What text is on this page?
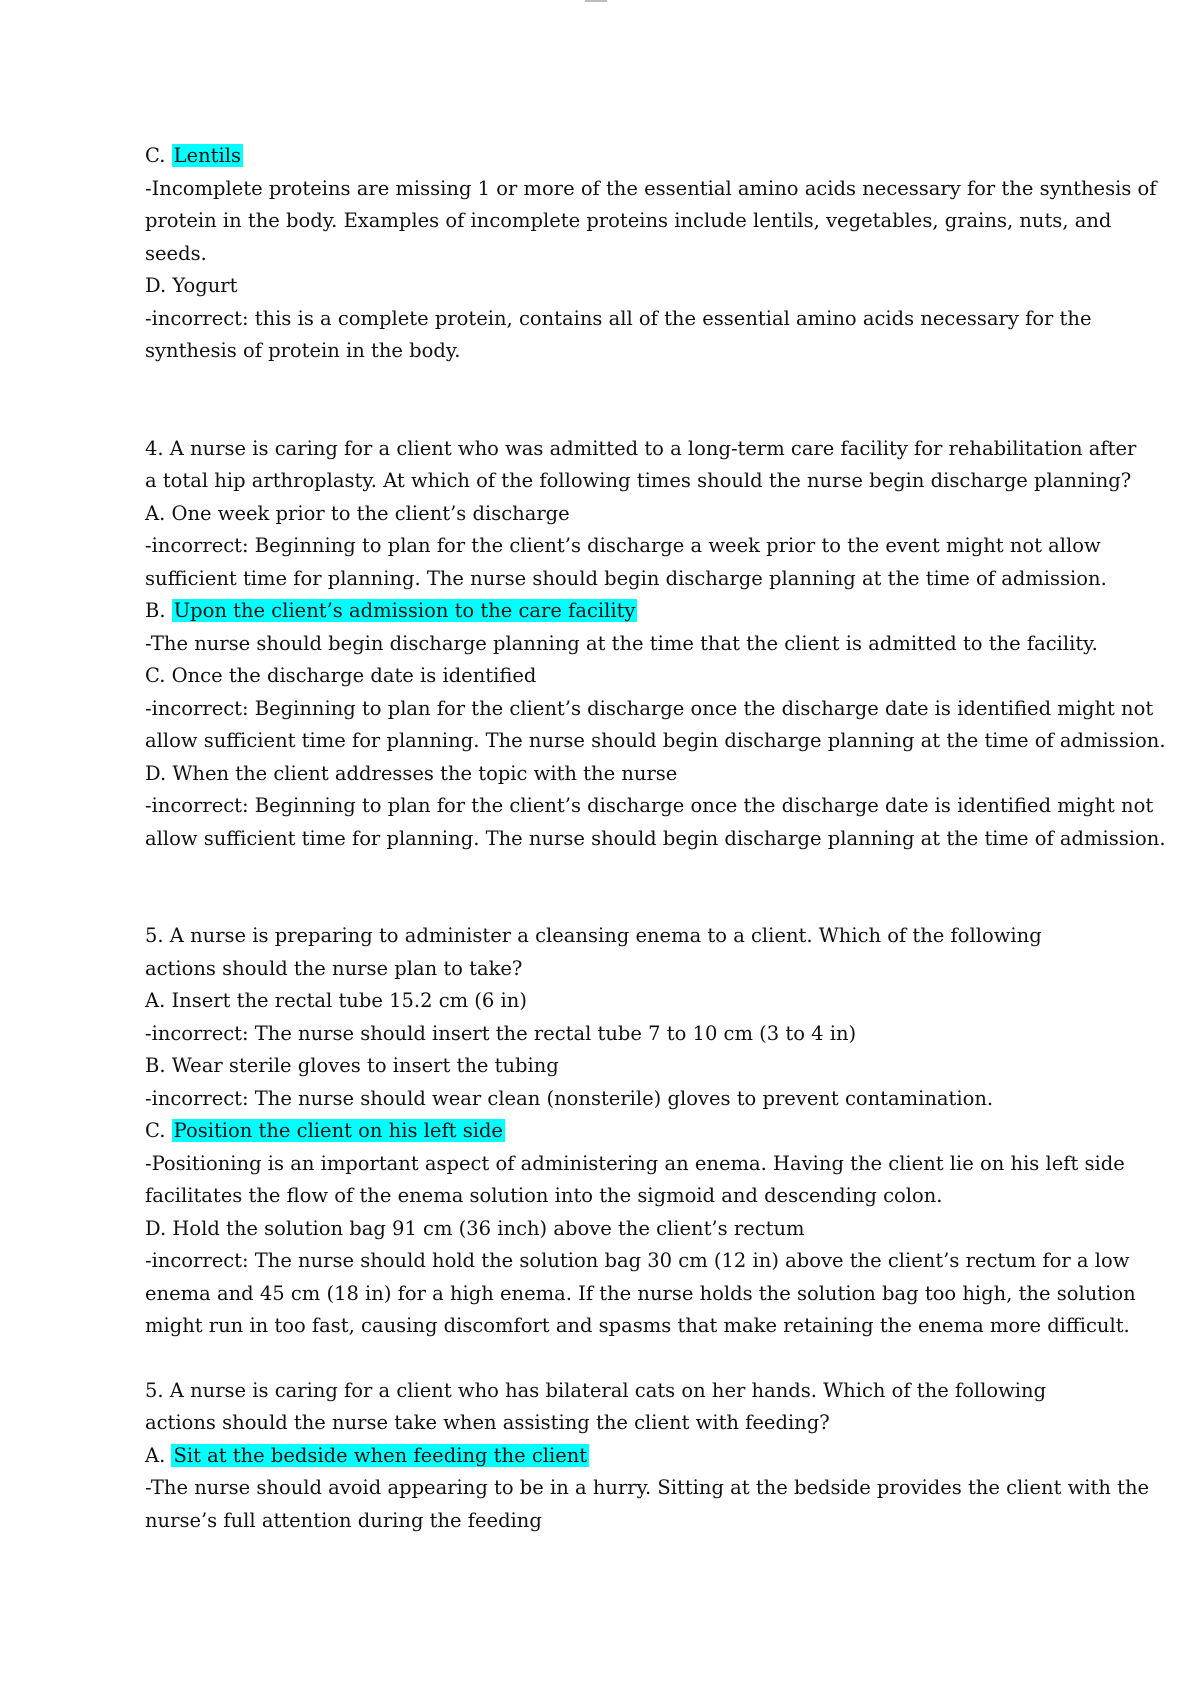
C. Lentils
-Incomplete proteins are missing 1 or more of the essential amino acids necessary for the synthesis of
protein in the body. Examples of incomplete proteins include lentils, vegetables, grains, nuts, and
seeds.
D. Yogurt
-incorrect: this is a complete protein, contains all of the essential amino acids necessary for the
synthesis of protein in the body.
4. A nurse is caring for a client who was admitted to a long-term care facility for rehabilitation after
a total hip arthroplasty. At which of the following times should the nurse begin discharge planning?
A. One week prior to the client’s discharge
-incorrect: Beginning to plan for the client’s discharge a week prior to the event might not allow
sufficient time for planning. The nurse should begin discharge planning at the time of admission.
B. Upon the client’s admission to the care facility
-The nurse should begin discharge planning at the time that the client is admitted to the facility.
C. Once the discharge date is identified
-incorrect: Beginning to plan for the client’s discharge once the discharge date is identified might not
allow sufficient time for planning. The nurse should begin discharge planning at the time of admission.
D. When the client addresses the topic with the nurse
-incorrect: Beginning to plan for the client’s discharge once the discharge date is identified might not
allow sufficient time for planning. The nurse should begin discharge planning at the time of admission.
5. A nurse is preparing to administer a cleansing enema to a client. Which of the following
actions should the nurse plan to take?
A. Insert the rectal tube 15.2 cm (6 in)
-incorrect: The nurse should insert the rectal tube 7 to 10 cm (3 to 4 in)
B. Wear sterile gloves to insert the tubing
-incorrect: The nurse should wear clean (nonsterile) gloves to prevent contamination.
C. Position the client on his left side
-Positioning is an important aspect of administering an enema. Having the client lie on his left side
facilitates the flow of the enema solution into the sigmoid and descending colon.
D. Hold the solution bag 91 cm (36 inch) above the client’s rectum
-incorrect: The nurse should hold the solution bag 30 cm (12 in) above the client’s rectum for a low
enema and 45 cm (18 in) for a high enema. If the nurse holds the solution bag too high, the solution
might run in too fast, causing discomfort and spasms that make retaining the enema more difficult.
5. A nurse is caring for a client who has bilateral cats on her hands. Which of the following
actions should the nurse take when assisting the client with feeding?
A. Sit at the bedside when feeding the client
-The nurse should avoid appearing to be in a hurry. Sitting at the bedside provides the client with the
nurse’s full attention during the feeding
